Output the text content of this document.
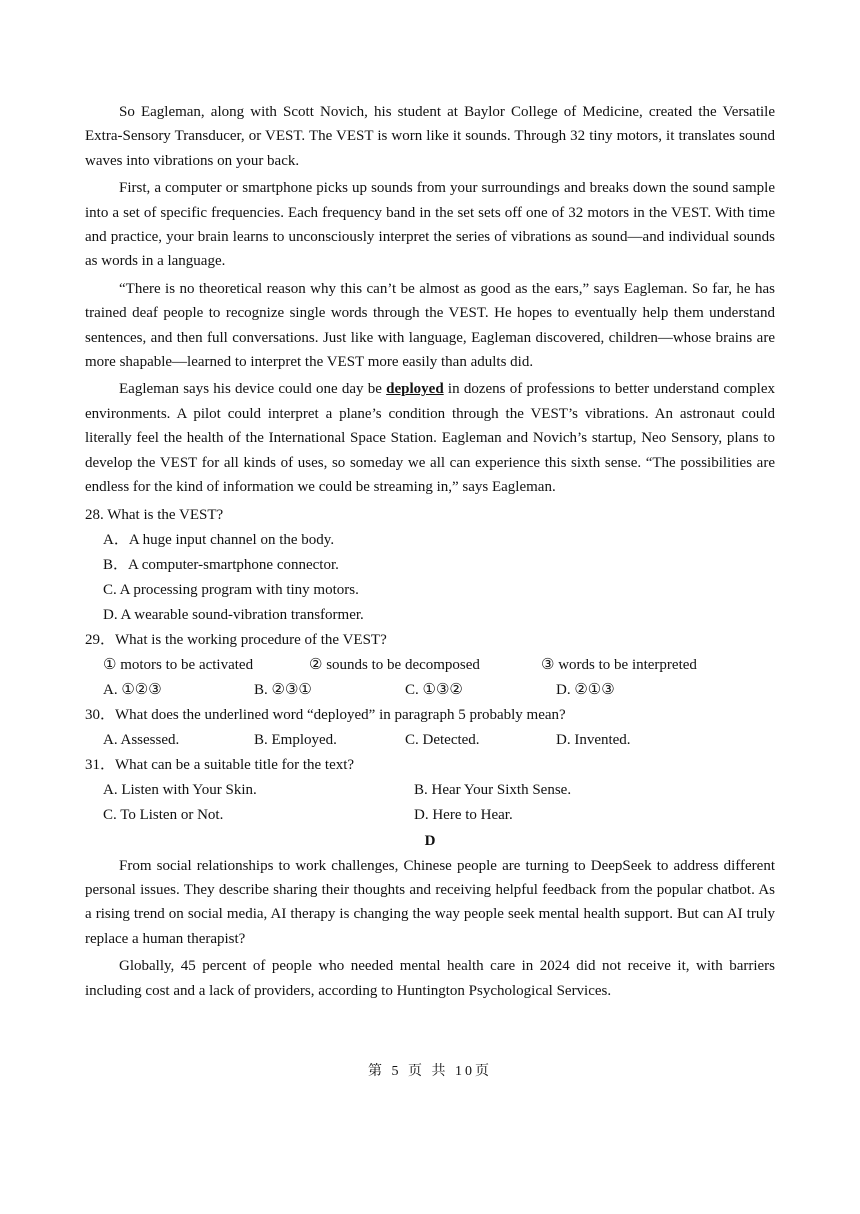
So Eagleman, along with Scott Novich, his student at Baylor College of Medicine, created the Versatile Extra-Sensory Transducer, or VEST. The VEST is worn like it sounds. Through 32 tiny motors, it translates sound waves into vibrations on your back.

First, a computer or smartphone picks up sounds from your surroundings and breaks down the sound sample into a set of specific frequencies. Each frequency band in the set sets off one of 32 motors in the VEST. With time and practice, your brain learns to unconsciously interpret the series of vibrations as sound—and individual sounds as words in a language.

“There is no theoretical reason why this can’t be almost as good as the ears,” says Eagleman. So far, he has trained deaf people to recognize single words through the VEST. He hopes to eventually help them understand sentences, and then full conversations. Just like with language, Eagleman discovered, children—whose brains are more shapable—learned to interpret the VEST more easily than adults did.

Eagleman says his device could one day be deployed in dozens of professions to better understand complex environments. A pilot could interpret a plane’s condition through the VEST’s vibrations. An astronaut could literally feel the health of the International Space Station. Eagleman and Novich’s startup, Neo Sensory, plans to develop the VEST for all kinds of uses, so someday we all can experience this sixth sense. “The possibilities are endless for the kind of information we could be streaming in,” says Eagleman.

28. What is the VEST?
A．A huge input channel on the body.
B．A computer-smartphone connector.
C. A processing program with tiny motors.
D. A wearable sound-vibration transformer.
29．What is the working procedure of the VEST?
① motors to be activated	② sounds to be decomposed	③ words to be interpreted
A. ①②③	B. ②③①	C. ①③②	D. ②①③
30．What does the underlined word “deployed” in paragraph 5 probably mean?
A. Assessed.	B. Employed.	C. Detected.	D. Invented.
31．What can be a suitable title for the text?
A. Listen with Your Skin.	B. Hear Your Sixth Sense.
C. To Listen or Not.	D. Here to Hear.
D

From social relationships to work challenges, Chinese people are turning to DeepSeek to address different personal issues. They describe sharing their thoughts and receiving helpful feedback from the popular chatbot. As a rising trend on social media, AI therapy is changing the way people seek mental health support. But can AI truly replace a human therapist?

Globally, 45 percent of people who needed mental health care in 2024 did not receive it, with barriers including cost and a lack of providers, according to Huntington Psychological Services.

第 5 页 共 10页
